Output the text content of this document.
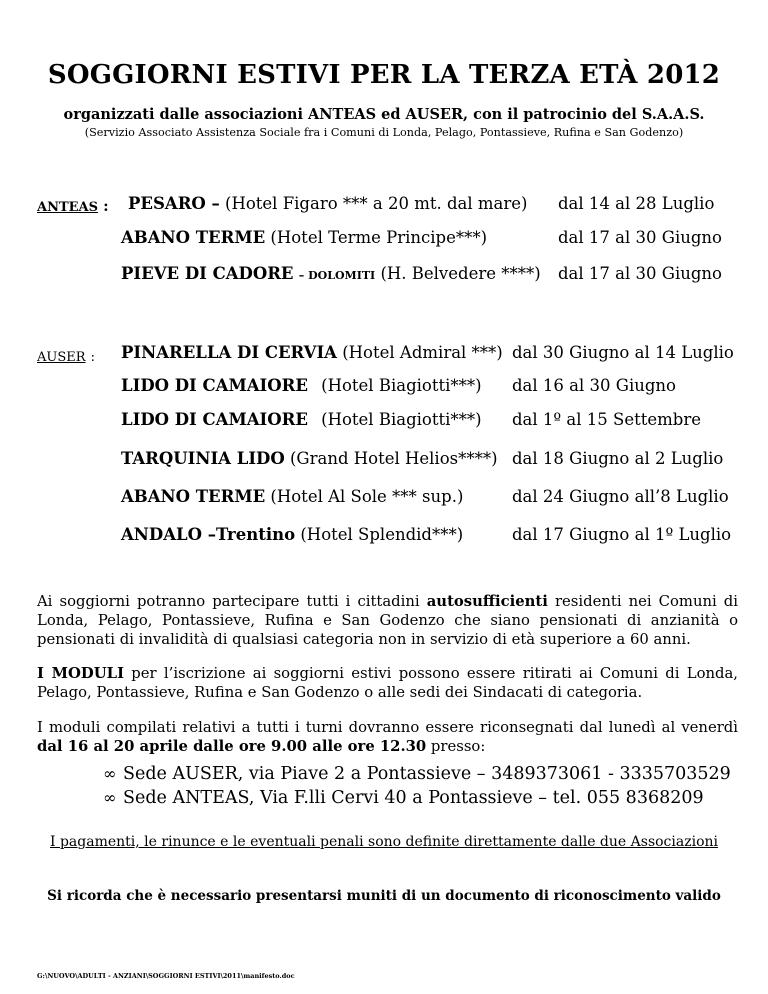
SOGGIORNI ESTIVI PER LA TERZA ETÀ 2012
organizzati dalle associazioni ANTEAS ed AUSER, con il patrocinio del S.A.A.S.
(Servizio Associato Assistenza Sociale fra i Comuni di Londa, Pelago, Pontassieve, Rufina e San Godenzo)
ANTEAS : PESARO – (Hotel Figaro *** a 20 mt. dal mare) dal 14 al 28 Luglio
ABANO TERME (Hotel Terme Principe***)	dal 17 al 30 Giugno
PIEVE DI CADORE – DOLOMITI (H. Belvedere ****) dal 17 al 30 Giugno
AUSER : PINARELLA DI CERVIA (Hotel Admiral ***) dal 30 Giugno al 14 Luglio
LIDO DI CAMAIORE (Hotel Biagiotti***) dal 16 al 30 Giugno
LIDO DI CAMAIORE (Hotel Biagiotti***) dal 1º al 15 Settembre
TARQUINIA LIDO (Grand Hotel Helios****) dal 18 Giugno al 2 Luglio
ABANO TERME (Hotel Al Sole *** sup.)	dal 24 Giugno all’8 Luglio
ANDALO –Trentino (Hotel Splendid***)	dal 17 Giugno al 1º Luglio
Ai soggiorni potranno partecipare tutti i cittadini autosufficienti residenti nei Comuni di Londa, Pelago, Pontassieve, Rufina e San Godenzo che siano pensionati di anzianità o pensionati di invalidità di qualsiasi categoria non in servizio di età superiore a 60 anni.
I MODULI per l’iscrizione ai soggiorni estivi possono essere ritirati ai Comuni di Londa, Pelago, Pontassieve, Rufina e San Godenzo o alle sedi dei Sindacati di categoria.
I moduli compilati relativi a tutti i turni dovranno essere riconsegnati dal lunedì al venerdì dal 16 al 20 aprile dalle ore 9.00 alle ore 12.30 presso:
∞ Sede AUSER, via Piave 2 a Pontassieve – 3489373061 - 3335703529
∞ Sede ANTEAS, Via F.lli Cervi 40 a Pontassieve – tel. 055 8368209
I pagamenti, le rinunce e le eventuali penali sono definite direttamente dalle due Associazioni
Si ricorda che è necessario presentarsi muniti di un documento di riconoscimento valido
G:\NUOVO\ADULTI - ANZIANI\SOGGIORNI ESTIVI\2011\manifesto.doc
